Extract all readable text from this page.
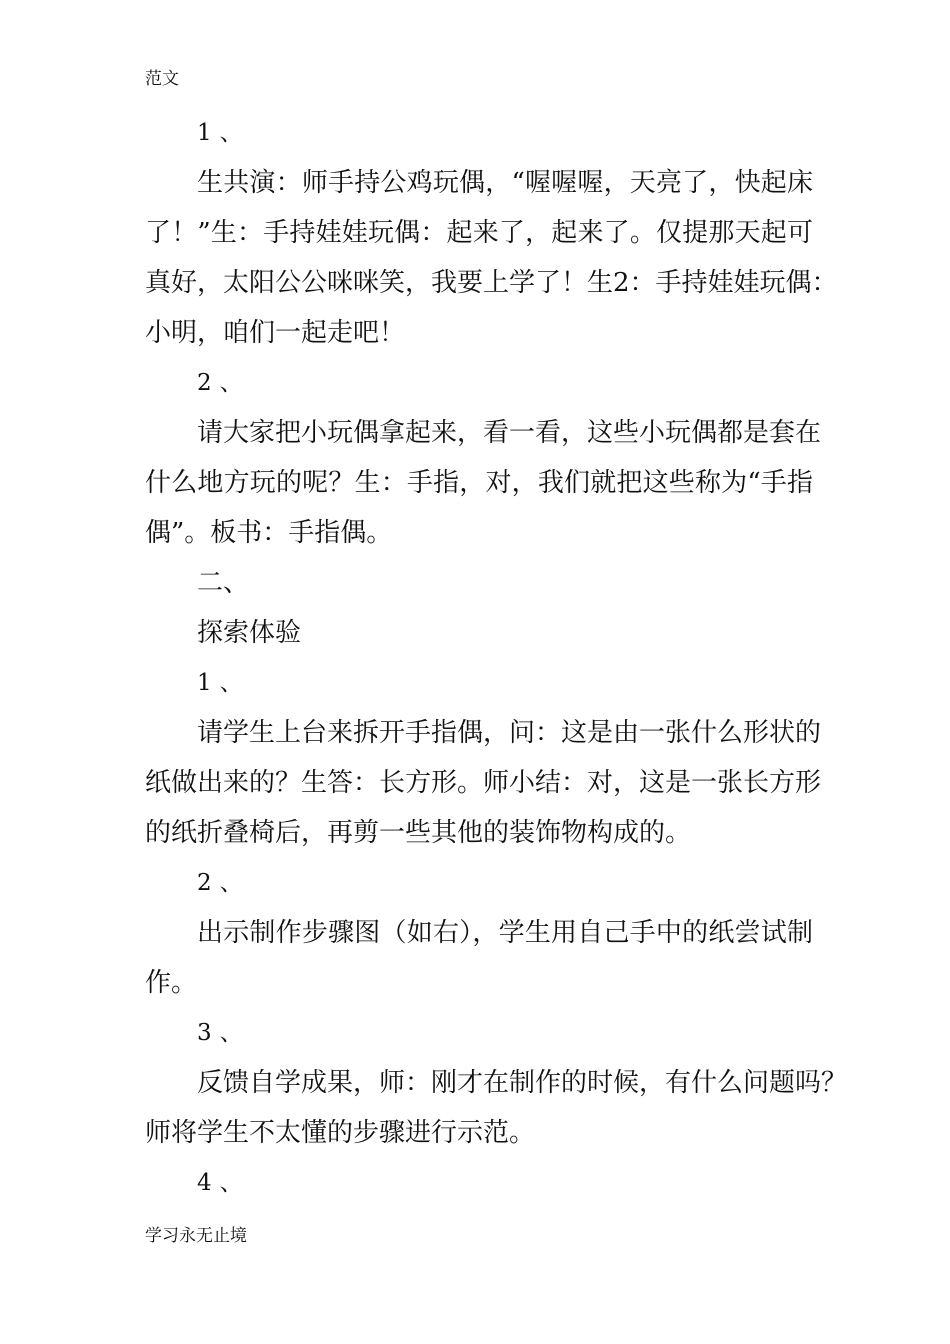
范文
1、
生共演：师手持公鸡玩偶，“喔喔喔，天亮了，快起床
了！”生：手持娃娃玩偶：起来了，起来了。仅提那天起可
真好，太阳公公咪咪笑，我要上学了！生2：手持娃娃玩偶：
小明，咱们一起走吧！
2、
请大家把小玩偶拿起来，看一看，这些小玩偶都是套在
什么地方玩的呢？生：手指，对，我们就把这些称为“手指
偶”。板书：手指偶。
二、
探索体验
1、
请学生上台来拆开手指偶，问：这是由一张什么形状的
纸做出来的？生答：长方形。师小结：对，这是一张长方形
的纸折叠椅后，再剪一些其他的装饰物构成的。
2、
出示制作步骤图（如右），学生用自己手中的纸尝试制
作。
3、
反馈自学成果，师：刚才在制作的时候，有什么问题吗？
师将学生不太懂的步骤进行示范。
4、
学习永无止境
